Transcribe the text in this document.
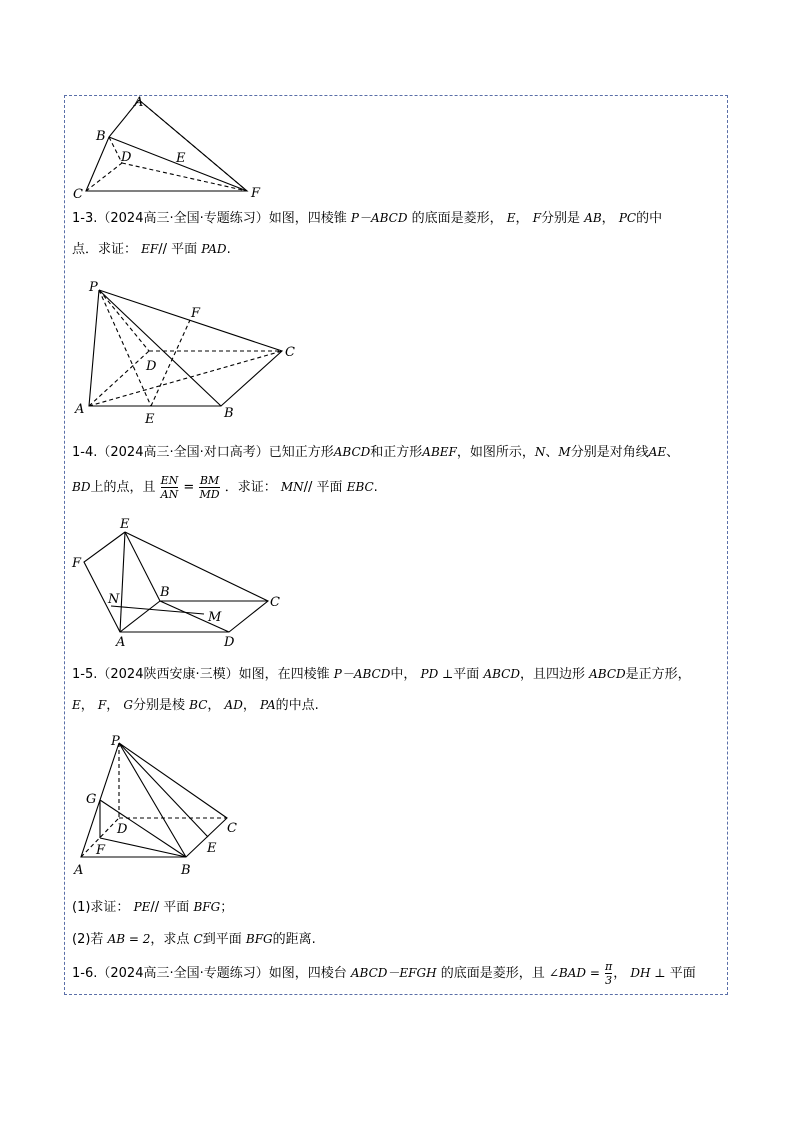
A
B
D	E
C	F
1-3.（2024高三·全国·专题练习）如图，四棱锥 P－ABCD 的底面是菱形， E， F分别是 AB， PC的中
点．求证： EF// 平面 PAD.
P
F
C
D
A
E	B
1-4.（2024高三·全国·对口高考）已知正方形ABCD和正方形ABEF，如图所示，N、M分别是对角线AE、
BD上的点，且 $\frac{EN}{AN} = \frac{BM}{MD}$ ．求证： MN// 平面 EBC.
E
F
N	B
C
M
A	D
1-5.（2024陕西安康·三模）如图，在四棱锥 P－ABCD中， PD ⊥平面 ABCD，且四边形 ABCD是正方形，
E， F， G分别是棱 BC， AD， PA的中点.
P
G
D	C
F	E
A	B
(1)求证： PE// 平面 BFG；
(2)若 AB = 2，求点 C到平面 BFG的距离.
1-6.（2024高三·全国·专题练习）如图，四棱台 ABCD－EFGH 的底面是菱形，且 ∠BAD = $\frac{\pi}{3}$ ， DH ⊥ 平面
